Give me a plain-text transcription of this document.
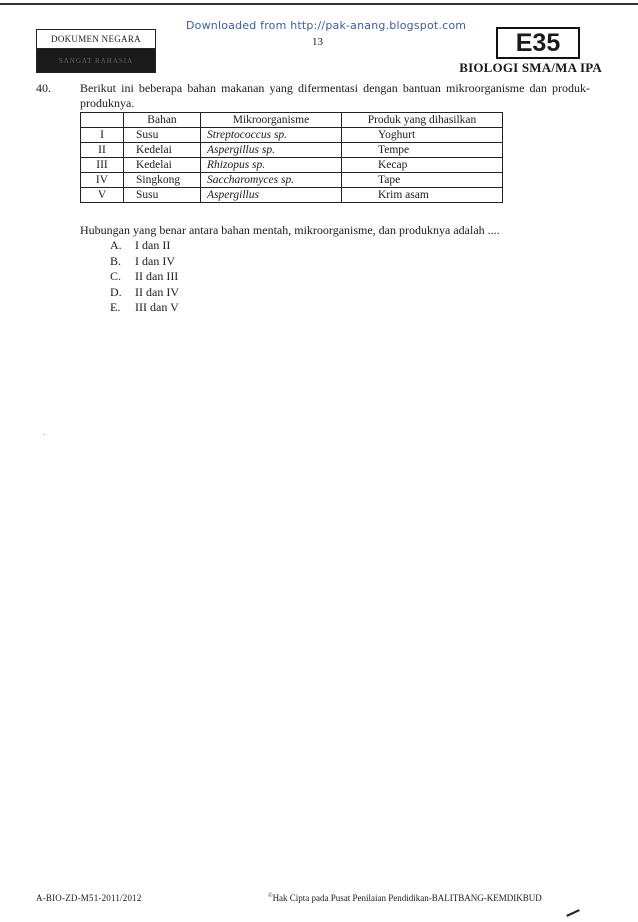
Downloaded from http://pak-anang.blogspot.com
13
DOKUMEN NEGARA
SANGAT RAHASIA
E35
BIOLOGI SMA/MA IPA
40. Berikut ini beberapa bahan makanan yang difermentasi dengan bantuan mikroorganisme dan produk-produknya.
	Bahan	Mikroorganisme	Produk yang dihasilkan
I	Susu	Streptococcus sp.	Yoghurt
II	Kedelai	Aspergillus sp.	Tempe
III	Kedelai	Rhizopus sp.	Kecap
IV	Singkong	Saccharomyces sp.	Tape
V	Susu	Aspergillus	Krim asam
Hubungan yang benar antara bahan mentah, mikroorganisme, dan produknya adalah ....
A.	I dan II
B.	I dan IV
C.	II dan III
D.	II dan IV
E.	III dan V
A-BIO-ZD-M51-2011/2012	©Hak Cipta pada Pusat Penilaian Pendidikan-BALITBANG-KEMDIKBUD
